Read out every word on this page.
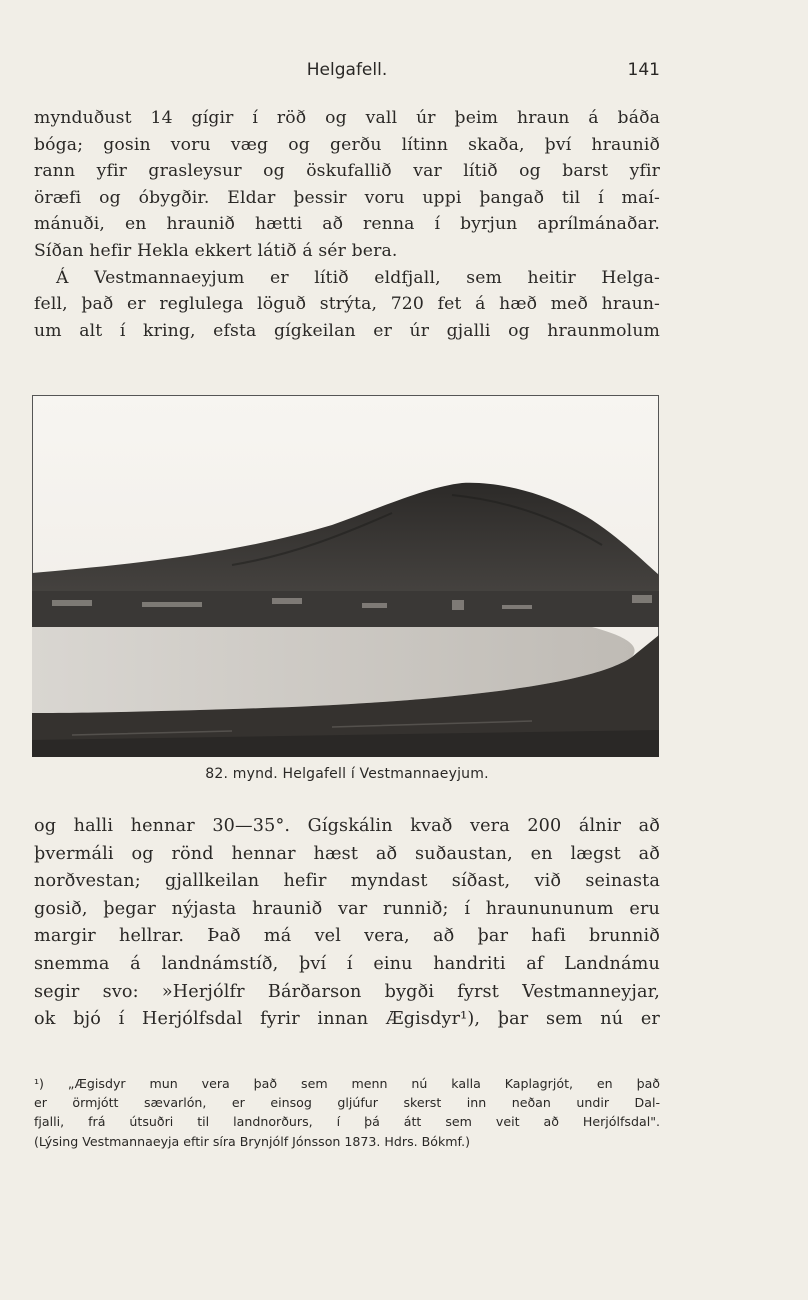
Helgafell.	141
mynduðust 14 gígir í röð og vall úr þeim hraun á báða
bóga; gosin voru væg og gerðu lítinn skaða, því hraunið
rann yfir grasleysur og öskufallið var lítið og barst yfir
öræfi og óbygðir. Eldar þessir voru uppi þangað til í maí-
mánuði, en hraunið hætti að renna í byrjun aprílmánaðar.
Síðan hefir Hekla ekkert látið á sér bera.
Á Vestmannaeyjum er lítið eldfjall, sem heitir Helga-
fell, það er reglulega löguð strýta, 720 fet á hæð með hraun-
um alt í kring, efsta gígkeilan er úr gjalli og hraunmolum
82. mynd. Helgafell í Vestmannaeyjum.
og halli hennar 30—35°. Gígskálin kvað vera 200 álnir að
þvermáli og rönd hennar hæst að suðaustan, en lægst að
norðvestan; gjallkeilan hefir myndast síðast, við seinasta
gosið, þegar nýjasta hraunið var runnið; í hraunununum eru
margir hellrar. Það má vel vera, að þar hafi brunnið
snemma á landnámstíð, því í einu handriti af Landnámu
segir svo: »Herjólfr Bárðarson bygði fyrst Vestmanneyjar,
ok bjó í Herjólfsdal fyrir innan Ægisdyr¹), þar sem nú er
¹) „Ægisdyr mun vera það sem menn nú kalla Kaplagrjót, en það
er örmjótt sævarlón, er einsog gljúfur skerst inn neðan undir Dal-
fjalli, frá útsuðri til landnorðurs, í þá átt sem veit að Herjólfsdal".
(Lýsing Vestmannaeyja eftir síra Brynjólf Jónsson 1873. Hdrs. Bókmf.)
